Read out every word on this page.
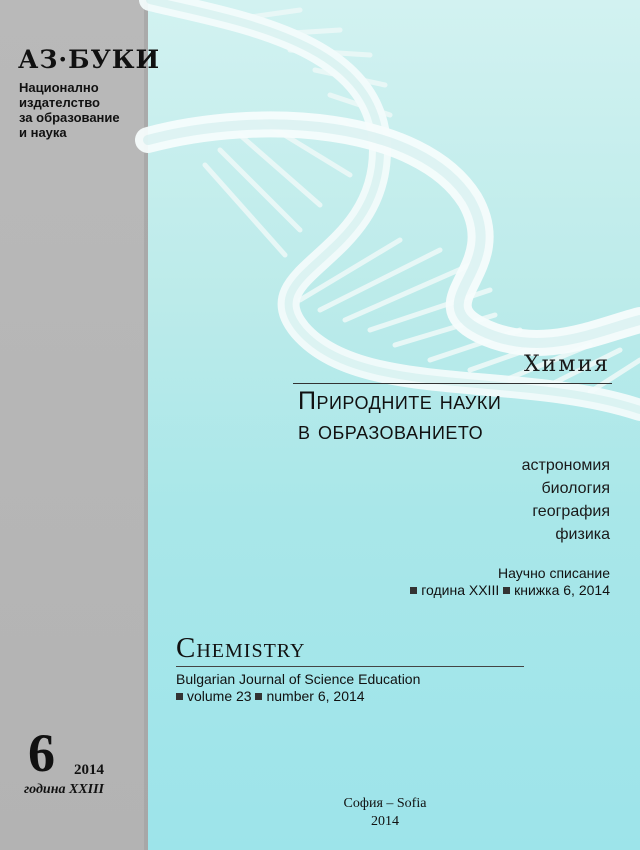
АЗ·БУКИ
Национално
издателство
за образование
и наука
6 2014
година XXIII
Химия
Природните науки
в образованието
астрономия
биология
география
физика
Научно списание
година XXIII книжка 6, 2014
Chemistry
Bulgarian Journal of Science Education
volume 23 number 6, 2014
София – Sofia
2014
